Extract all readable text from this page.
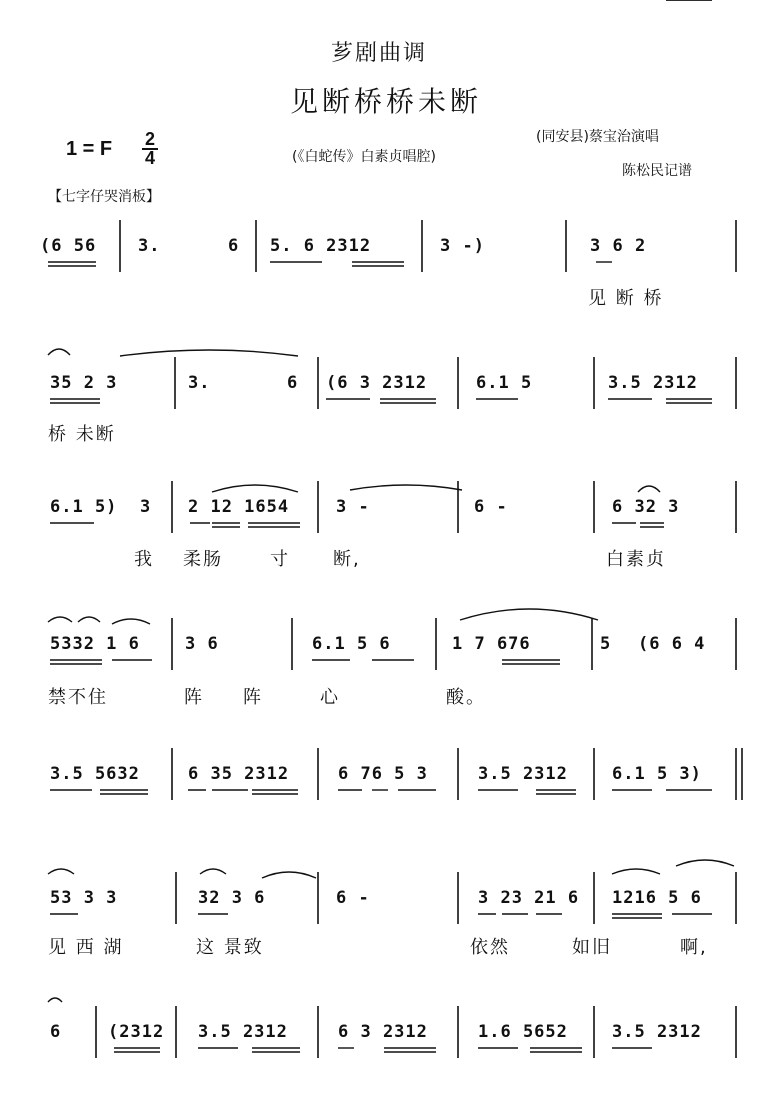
芗剧曲调
见断桥桥未断
1 = F 2
4	(《白蛇传》白素贞唱腔)
(同安县)蔡宝治演唱
陈松民记谱
【七字仔哭消板】
(6 56 3.	6 5. 6 2312	3 -)	3 6 2
见 断 桥
35 2 3	3.	6 (6 3 2312	6.1 5	3.5 2312
桥 未断
6.1 5) 3 2 12 1654	3 -	6 -	6 32 3
我 柔肠	寸 断,	白素贞
5332 1 6	3 6	6.1 5 6	1 7 676	5 (6 6 4
禁不住	阵 阵	心	酸。
3.5 5632	6 35 2312	6 76 5 3	3.5 2312	6.1 5 3)
53 3 3	32 3 6	6 -	3 23 21 6 1216 5 6
见 西 湖	这 景致	依然	如旧	啊,
6	(2312 3.5 2312	6 3 2312	1.6 5652	3.5 2312
